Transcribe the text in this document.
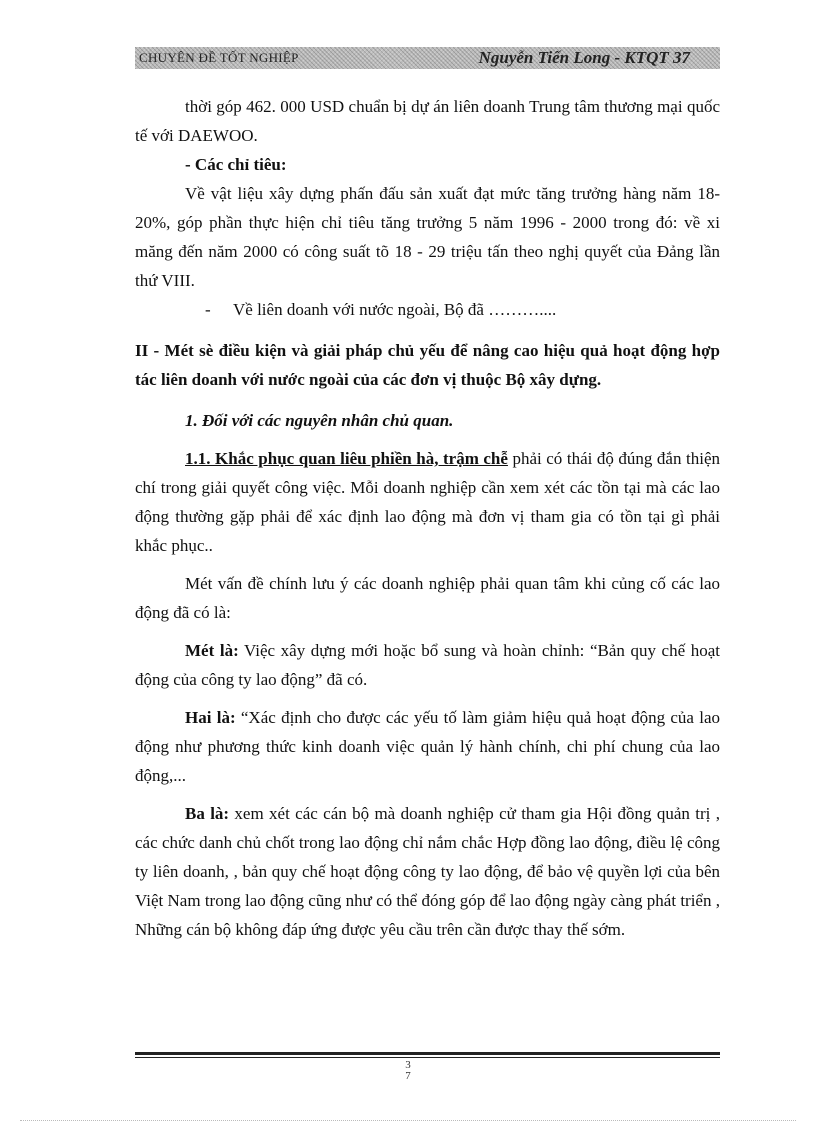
CHUYÊN ĐỀ TỐT NGHIỆP	Nguyễn Tiến Long - KTQT 37

thời góp 462. 000 USD chuẩn bị dự án liên doanh Trung tâm thương mại quốc tế với DAEWOO.

- Các chỉ tiêu:

Về vật liệu xây dựng phấn đấu sản xuất đạt mức tăng trưởng hàng năm 18-20%, góp phần thực hiện chỉ tiêu tăng trưởng 5 năm 1996 - 2000 trong đó: về xi măng đến năm 2000 có công suất tõ 18 - 29 triệu tấn theo nghị quyết của Đảng lần thứ VIII.

- Về liên doanh với nước ngoài, Bộ đã ………....

II - Mét sè điều kiện và giải pháp chủ yếu để nâng cao hiệu quả hoạt động hợp tác liên doanh với nước ngoài của các đơn vị thuộc Bộ xây dựng.

1. Đối với các nguyên nhân chủ quan.

1.1. Khắc phục quan liêu phiền hà, trậm chễ phải có thái độ đúng đắn thiện chí trong giải quyết công việc. Mỗi doanh nghiệp cần xem xét các tồn tại mà các lao động thường gặp phải để xác định lao động mà đơn vị tham gia có tồn tại gì phải khắc phục..

Mét vấn đề chính lưu ý các doanh nghiệp phải quan tâm khi củng cố các lao động đã có là:

Mét là: Việc xây dựng mới hoặc bổ sung và hoàn chỉnh: “Bản quy chế hoạt động của công ty lao động” đã có.

Hai là: “Xác định cho được các yếu tố làm giảm hiệu quả hoạt động của lao động như phương thức kinh doanh việc quản lý hành chính, chi phí chung của lao động,...

Ba là: xem xét các cán bộ mà doanh nghiệp cử tham gia Hội đồng quản trị , các chức danh chủ chốt trong lao động chỉ nắm chắc Hợp đồng lao động, điều lệ công ty liên doanh, , bản quy chế hoạt động công ty lao động, để bảo vệ quyền lợi của bên Việt Nam trong lao động cũng như có thể đóng góp để lao động ngày càng phát triển , Những cán bộ không đáp ứng được yêu cầu trên cần được thay thế sớm.

3
7
